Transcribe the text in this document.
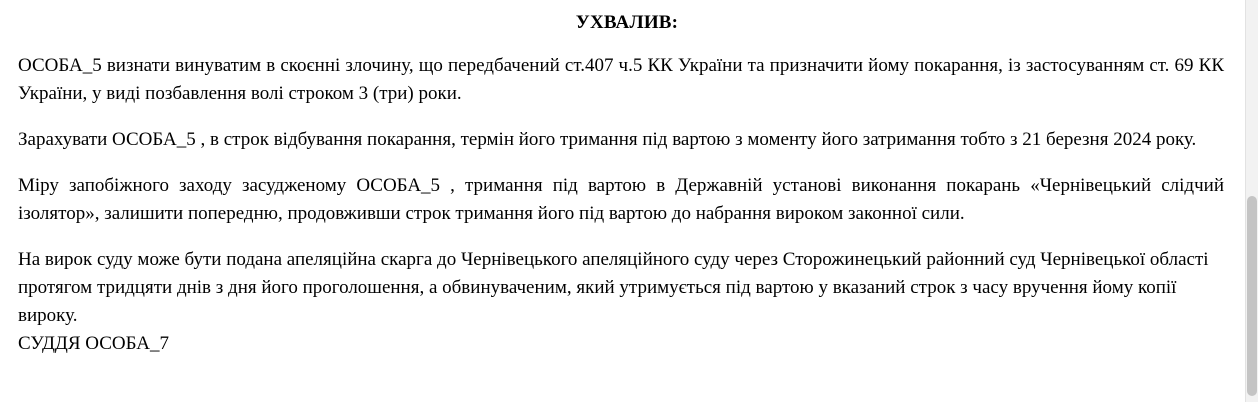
УХВАЛИВ:

ОСОБА_5 визнати винуватим в скоєнні злочину, що передбачений ст.407 ч.5 КК України та призначити йому покарання, із застосуванням ст. 69 КК України, у виді позбавлення волі строком 3 (три) роки.

Зарахувати ОСОБА_5 , в строк відбування покарання, термін його тримання під вартою з моменту його затримання тобто з 21 березня 2024 року.

Міру запобіжного заходу засудженому ОСОБА_5 , тримання під вартою в Державній установі виконання покарань «Чернівецький слідчий ізолятор», залишити попередню, продовживши строк тримання його під вартою до набрання вироком законної сили.

На вирок суду може бути подана апеляційна скарга до Чернівецького апеляційного суду через Сторожинецький районний суд Чернівецької області протягом тридцяти днів з дня його проголошення, а обвинуваченим, який утримується під вартою у вказаний строк з часу вручення йому копії вироку.

СУДДЯ ОСОБА_7
